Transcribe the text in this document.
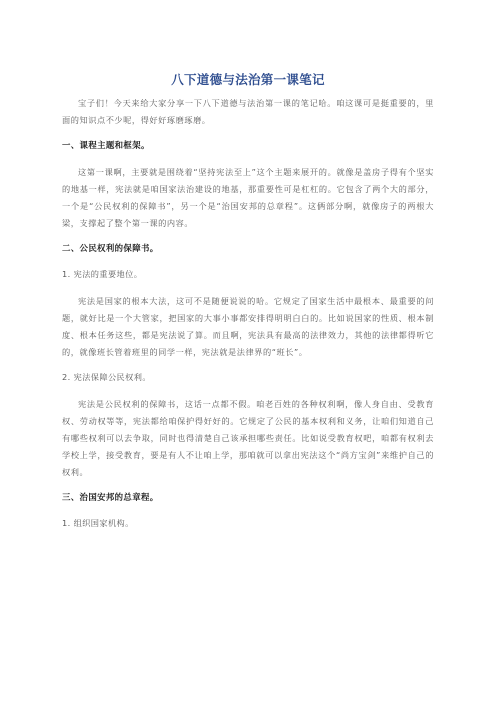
八下道德与法治第一课笔记

宝子们！今天来给大家分享一下八下道德与法治第一课的笔记哈。咱这课可是挺重要的，里面的知识点不少呢，得好好琢磨琢磨。

一、课程主题和框架。

这第一课啊，主要就是围绕着“坚持宪法至上”这个主题来展开的。就像是盖房子得有个坚实的地基一样，宪法就是咱国家法治建设的地基，那重要性可是杠杠的。它包含了两个大的部分，一个是“公民权利的保障书”，另一个是“治国安邦的总章程”。这俩部分啊，就像房子的两根大梁，支撑起了整个第一课的内容。

二、公民权利的保障书。
1. 宪法的重要地位。

宪法是国家的根本大法，这可不是随便说说的哈。它规定了国家生活中最根本、最重要的问题，就好比是一个大管家，把国家的大事小事都安排得明明白白的。比如说国家的性质、根本制度、根本任务这些，都是宪法说了算。而且啊，宪法具有最高的法律效力，其他的法律都得听它的，就像班长管着班里的同学一样，宪法就是法律界的“班长”。

2. 宪法保障公民权利。

宪法是公民权利的保障书，这话一点都不假。咱老百姓的各种权利啊，像人身自由、受教育权、劳动权等等，宪法都给咱保护得好好的。它规定了公民的基本权利和义务，让咱们知道自己有哪些权利可以去争取，同时也得清楚自己该承担哪些责任。比如说受教育权吧，咱都有权利去学校上学，接受教育，要是有人不让咱上学，那咱就可以拿出宪法这个“尚方宝剑”来维护自己的权利。

三、治国安邦的总章程。
1. 组织国家机构。
